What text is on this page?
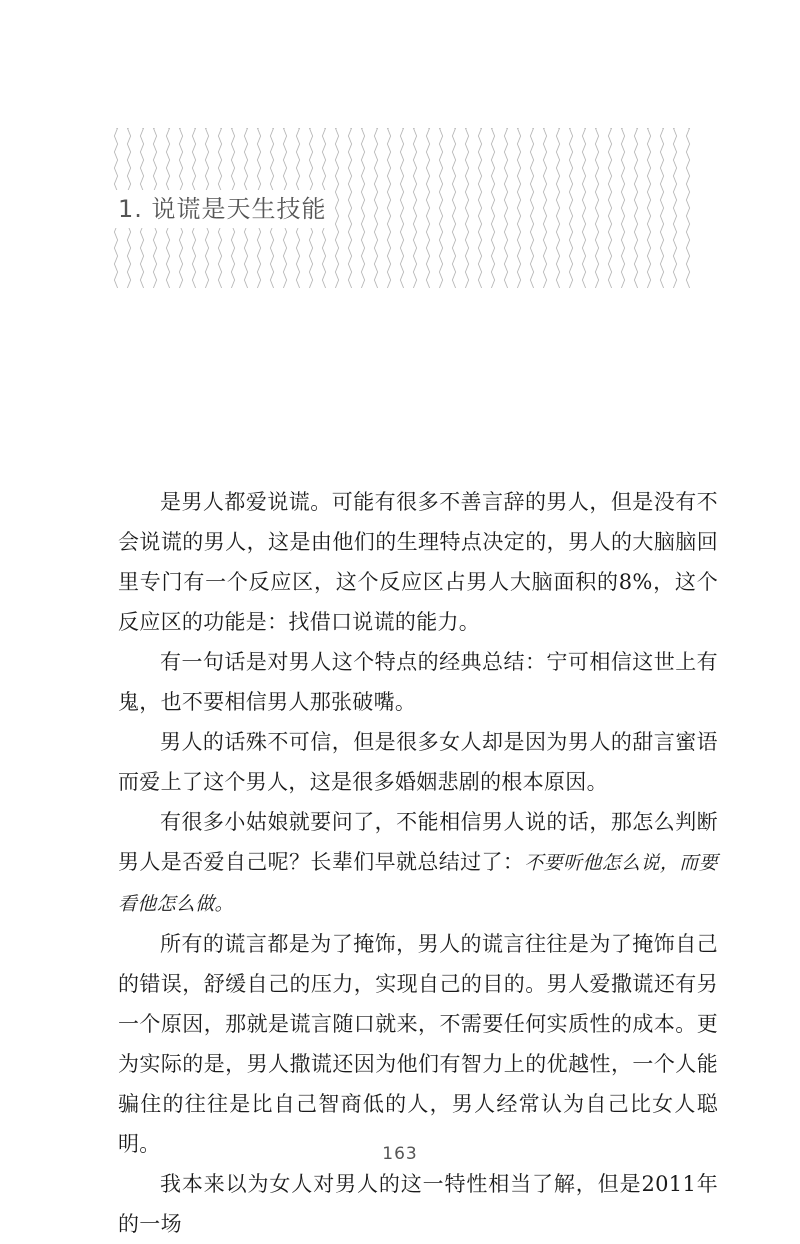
1. 说谎是天生技能

是男人都爱说谎。可能有很多不善言辞的男人，但是没有不会说谎的男人，这是由他们的生理特点决定的，男人的大脑脑回里专门有一个反应区，这个反应区占男人大脑面积的8%，这个反应区的功能是：找借口说谎的能力。

有一句话是对男人这个特点的经典总结：宁可相信这世上有鬼，也不要相信男人那张破嘴。

男人的话殊不可信，但是很多女人却是因为男人的甜言蜜语而爱上了这个男人，这是很多婚姻悲剧的根本原因。

有很多小姑娘就要问了，不能相信男人说的话，那怎么判断男人是否爱自己呢？长辈们早就总结过了：不要听他怎么说，而要看他怎么做。

所有的谎言都是为了掩饰，男人的谎言往往是为了掩饰自己的错误，舒缓自己的压力，实现自己的目的。男人爱撒谎还有另一个原因，那就是谎言随口就来，不需要任何实质性的成本。更为实际的是，男人撒谎还因为他们有智力上的优越性，一个人能骗住的往往是比自己智商低的人，男人经常认为自己比女人聪明。

我本来以为女人对男人的这一特性相当了解，但是2011年的一场

163
